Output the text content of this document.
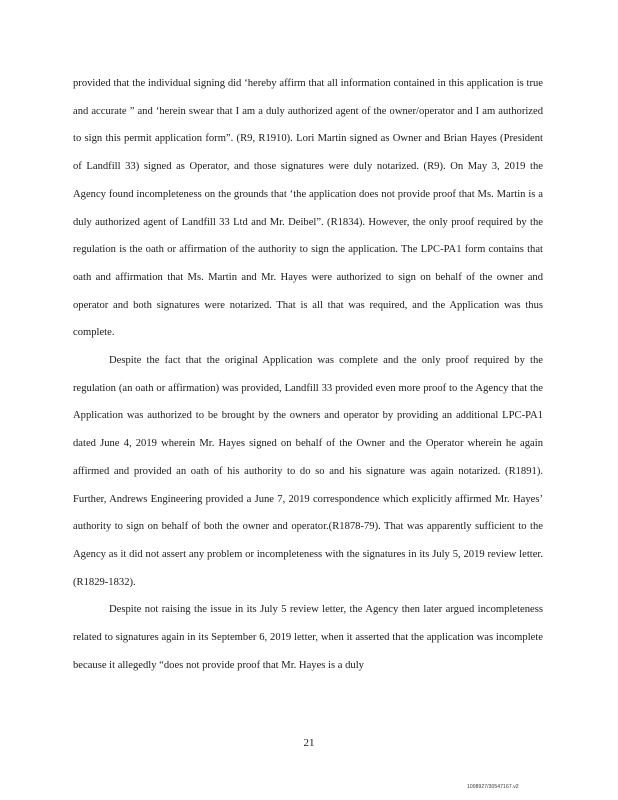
provided that the individual signing did ‘hereby affirm that all information contained in this application is true and accurate ” and ‘herein swear that I am a duly authorized agent of the owner/operator and I am authorized to sign this permit application form”. (R9, R1910). Lori Martin signed as Owner and Brian Hayes (President of Landfill 33) signed as Operator, and those signatures were duly notarized. (R9). On May 3, 2019 the Agency found incompleteness on the grounds that ‘the application does not provide proof that Ms. Martin is a duly authorized agent of Landfill 33 Ltd and Mr. Deibel”. (R1834). However, the only proof required by the regulation is the oath or affirmation of the authority to sign the application. The LPC-PA1 form contains that oath and affirmation that Ms. Martin and Mr. Hayes were authorized to sign on behalf of the owner and operator and both signatures were notarized. That is all that was required, and the Application was thus complete.

Despite the fact that the original Application was complete and the only proof required by the regulation (an oath or affirmation) was provided, Landfill 33 provided even more proof to the Agency that the Application was authorized to be brought by the owners and operator by providing an additional LPC-PA1 dated June 4, 2019 wherein Mr. Hayes signed on behalf of the Owner and the Operator wherein he again affirmed and provided an oath of his authority to do so and his signature was again notarized. (R1891). Further, Andrews Engineering provided a June 7, 2019 correspondence which explicitly affirmed Mr. Hayes’ authority to sign on behalf of both the owner and operator.(R1878-79). That was apparently sufficient to the Agency as it did not assert any problem or incompleteness with the signatures in its July 5, 2019 review letter. (R1829-1832).

Despite not raising the issue in its July 5 review letter, the Agency then later argued incompleteness related to signatures again in its September 6, 2019 letter, when it asserted that the application was incomplete because it allegedly “does not provide proof that Mr. Hayes is a duly

21
1008927/30547167.v2
